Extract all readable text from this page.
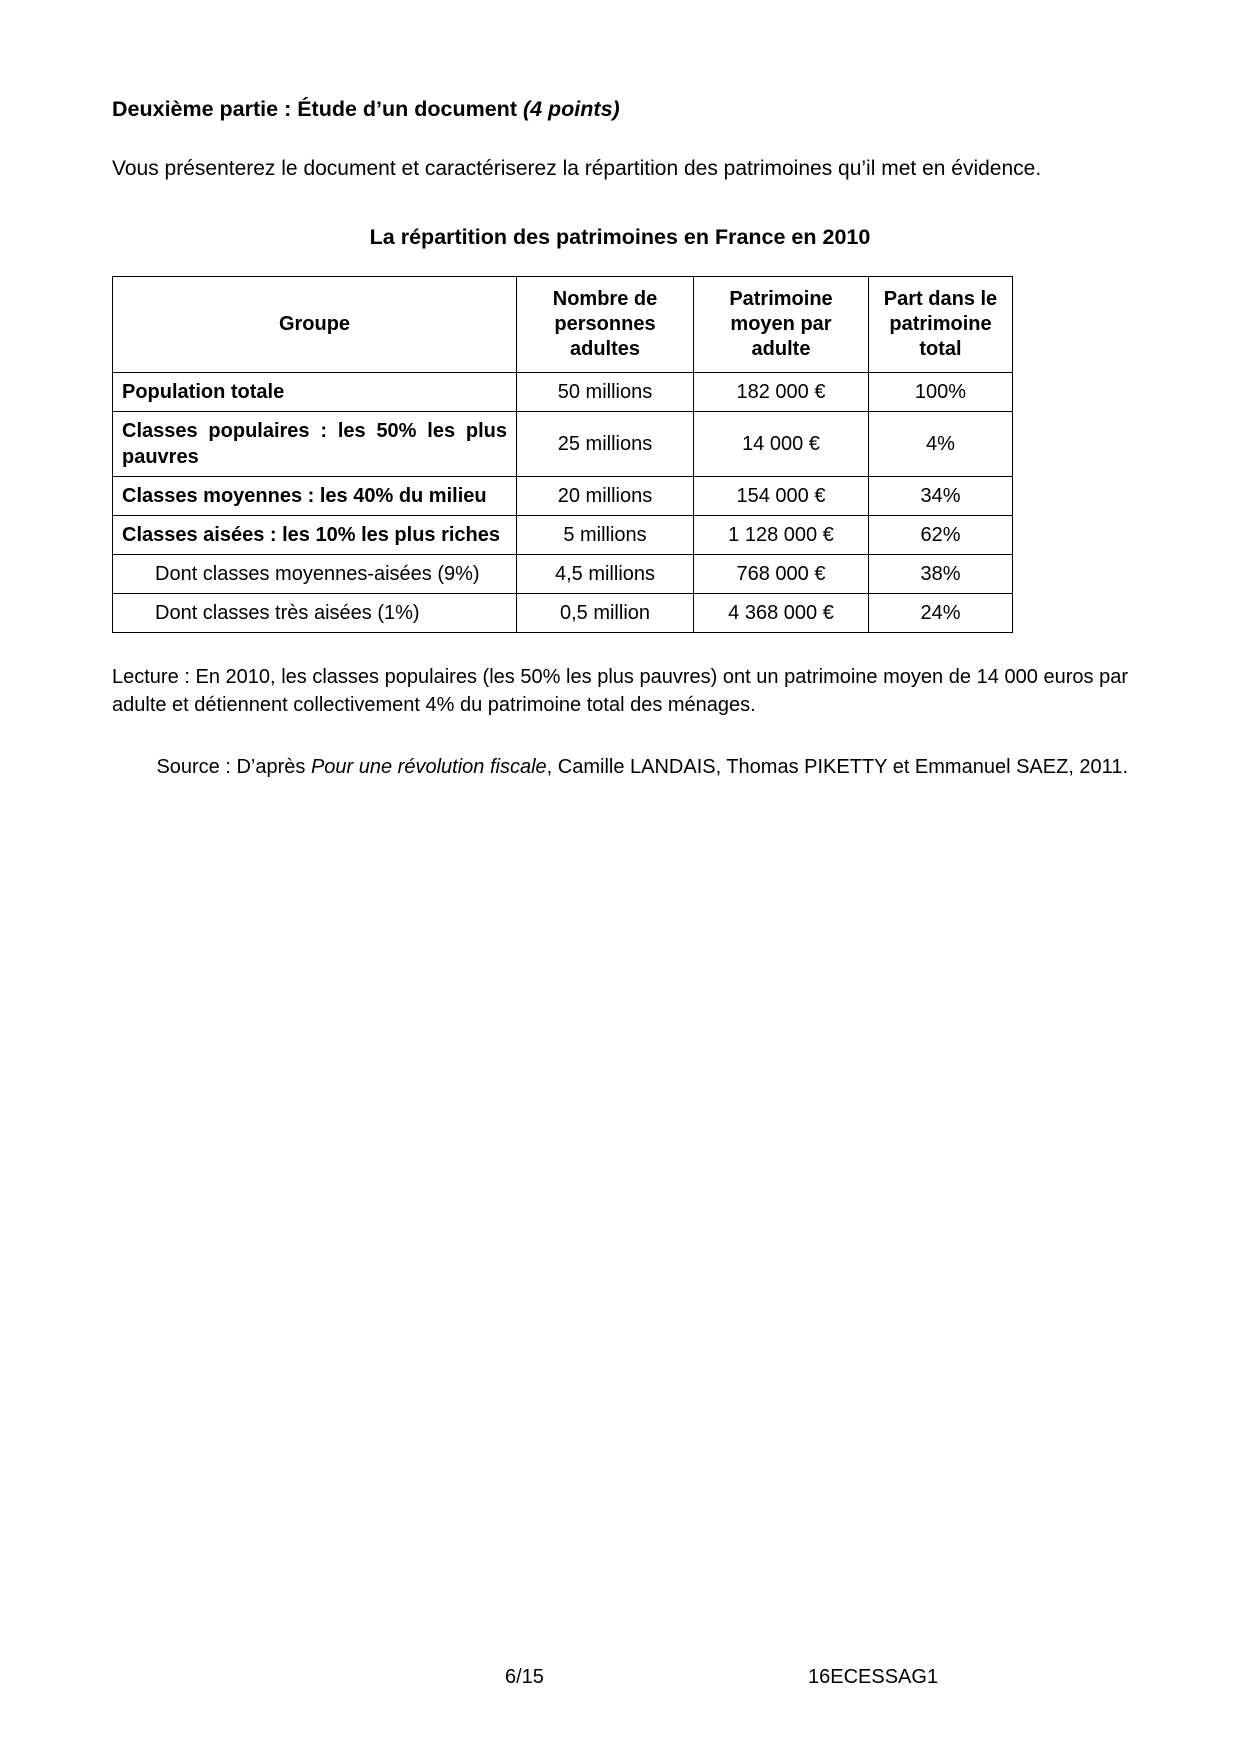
Deuxième partie : Étude d’un document (4 points)

Vous présenterez le document et caractériserez la répartition des patrimoines qu’il met en évidence.

La répartition des patrimoines en France en 2010

Groupe	Nombre de personnes adultes	Patrimoine moyen par adulte	Part dans le patrimoine total
Population totale	50 millions	182 000 €	100%
Classes populaires : les 50% les plus pauvres	25 millions	14 000 €	4%
Classes moyennes : les 40% du milieu	20 millions	154 000 €	34%
Classes aisées : les 10% les plus riches	5 millions	1 128 000 €	62%
Dont classes moyennes-aisées (9%)	4,5 millions	768 000 €	38%
Dont classes très aisées (1%)	0,5 million	4 368 000 €	24%

Lecture : En 2010, les classes populaires (les 50% les plus pauvres) ont un patrimoine moyen de 14 000 euros par adulte et détiennent collectivement 4% du patrimoine total des ménages.

Source : D’après Pour une révolution fiscale, Camille LANDAIS, Thomas PIKETTY et Emmanuel SAEZ, 2011.

6/15	16ECESSAG1
